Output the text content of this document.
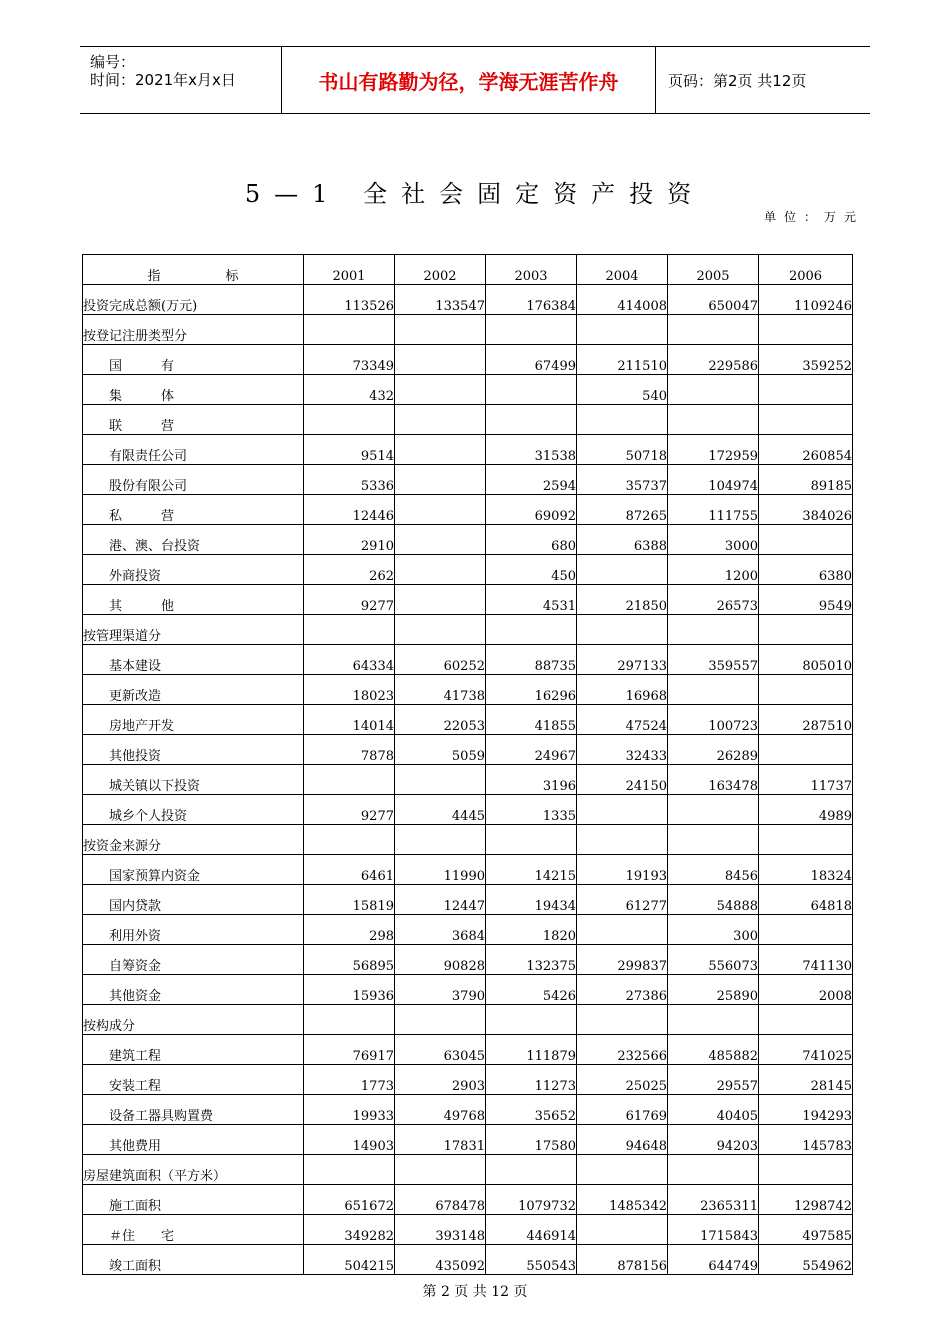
编号：
时间：2021年x月x日	书山有路勤为径，学海无涯苦作舟	页码：第2页 共12页
5—1 全社会固定资产投资
单位：万元
指　　　　　标	2001	2002	2003	2004	2005	2006
投资完成总额(万元)	113526	133547	176384	414008	650047	1109246
按登记注册类型分						
国　　　有	73349		67499	211510	229586	359252
集　　　体	432			540		
联　　　营						
有限责任公司	9514		31538	50718	172959	260854
股份有限公司	5336		2594	35737	104974	89185
私　　　营	12446		69092	87265	111755	384026
港、澳、台投资	2910		680	6388	3000	
外商投资	262		450		1200	6380
其　　　他	9277		4531	21850	26573	9549
按管理渠道分						
基本建设	64334	60252	88735	297133	359557	805010
更新改造	18023	41738	16296	16968		
房地产开发	14014	22053	41855	47524	100723	287510
其他投资	7878	5059	24967	32433	26289	
城关镇以下投资			3196	24150	163478	11737
城乡个人投资	9277	4445	1335			4989
按资金来源分						
国家预算内资金	6461	11990	14215	19193	8456	18324
国内贷款	15819	12447	19434	61277	54888	64818
利用外资	298	3684	1820		300	
自筹资金	56895	90828	132375	299837	556073	741130
其他资金	15936	3790	5426	27386	25890	2008
按构成分						
建筑工程	76917	63045	111879	232566	485882	741025
安装工程	1773	2903	11273	25025	29557	28145
设备工器具购置费	19933	49768	35652	61769	40405	194293
其他费用	14903	17831	17580	94648	94203	145783
房屋建筑面积（平方米）						
施工面积	651672	678478	1079732	1485342	2365311	1298742
＃住　　宅	349282	393148	446914		1715843	497585
竣工面积	504215	435092	550543	878156	644749	554962
第 2 页 共 12 页
